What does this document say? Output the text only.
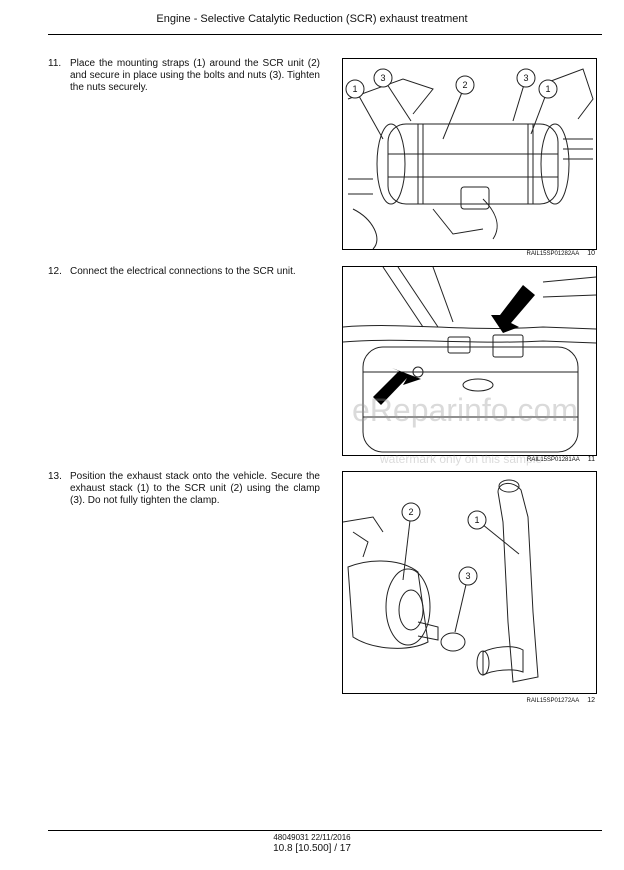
Engine - Selective Catalytic Reduction (SCR) exhaust treatment
11. Place the mounting straps (1) around the SCR unit (2) and secure in place using the bolts and nuts (3). Tighten the nuts securely.	1
3
2
3
1
RAIL15SP01282AA 10
12. Connect the electrical connections to the SCR unit.
eReparinfo.com
watermark only on this sample
RAIL15SP01281AA 11
13. Position the exhaust stack onto the vehicle. Secure the exhaust stack (1) to the SCR unit (2) using the clamp (3). Do not fully tighten the clamp.
2
1
3
RAIL15SP01272AA 12
48049031 22/11/2016
10.8 [10.500] / 17
